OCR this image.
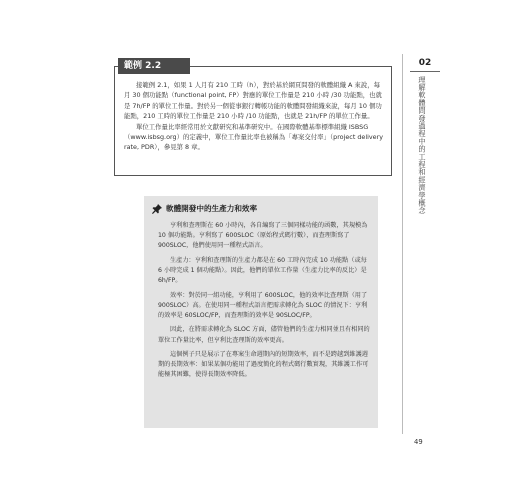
範例 2.2

接範例 2.1，如果 1 人月有 210 工時（h），對於基於網頁問發的軟體組織 A 來說，每月 30 個功能點（functional point, FP）對應的單位工作量是 210 小時 /30 功能點，也就是 7h/FP 的單位工作量。對於另一個從事銀行轉帳功能的軟體問發組織來說，每月 10 個功能點，210 工時的單位工作量是 210 小時 /10 功能點，也就是 21h/FP 的單位工作量。

單位工作量比率經常用於文獻研究和基準研究中。在國際軟體基準標準組織 ISBSG（www.isbsg.org）的定義中，單位工作量比率也被稱為「專案交付率」（project delivery rate, PDR），參見第 8 章。

02
理解軟體問發過程中的工程和經濟學概念
軟體開發中的生產力和效率

亨利和查理斯在 60 小時內，各自編寫了三個同樣功能的函數，其規模為 10 個功能點。亨利寫了 600SLOC（原始程式碼行數），而查理斯寫了 900SLOC，他們使用同一種程式語言。

生產力：亨利和查理斯的生產力都是在 60 工時內完成 10 功能點（或每 6 小時完成 1 個功能點）。因此，他們的單位工作量（生產力比率的反比）是 6h/FP。

效率：對於同一組功能，亨利用了 600SLOC，他的效率比查理斯（用了 900SLOC）高。在使用同一種程式語言把需求轉化為 SLOC 的情況下：亨利的效率是 60SLOC/FP，而查理斯的效率是 90SLOC/FP。

因此，在將需求轉化為 SLOC 方面，儘管他們的生產力相同並且有相同的單位工作量比率，但亨利比查理斯的效率更高。

這個例子只是展示了在專案生命週期內的短期效率，而不是跨越到維護週期的長期效率：如果某個功能用了過度簡化的程式碼行數實現，其維護工作可能極其困難，使得長期效率降低。

49
